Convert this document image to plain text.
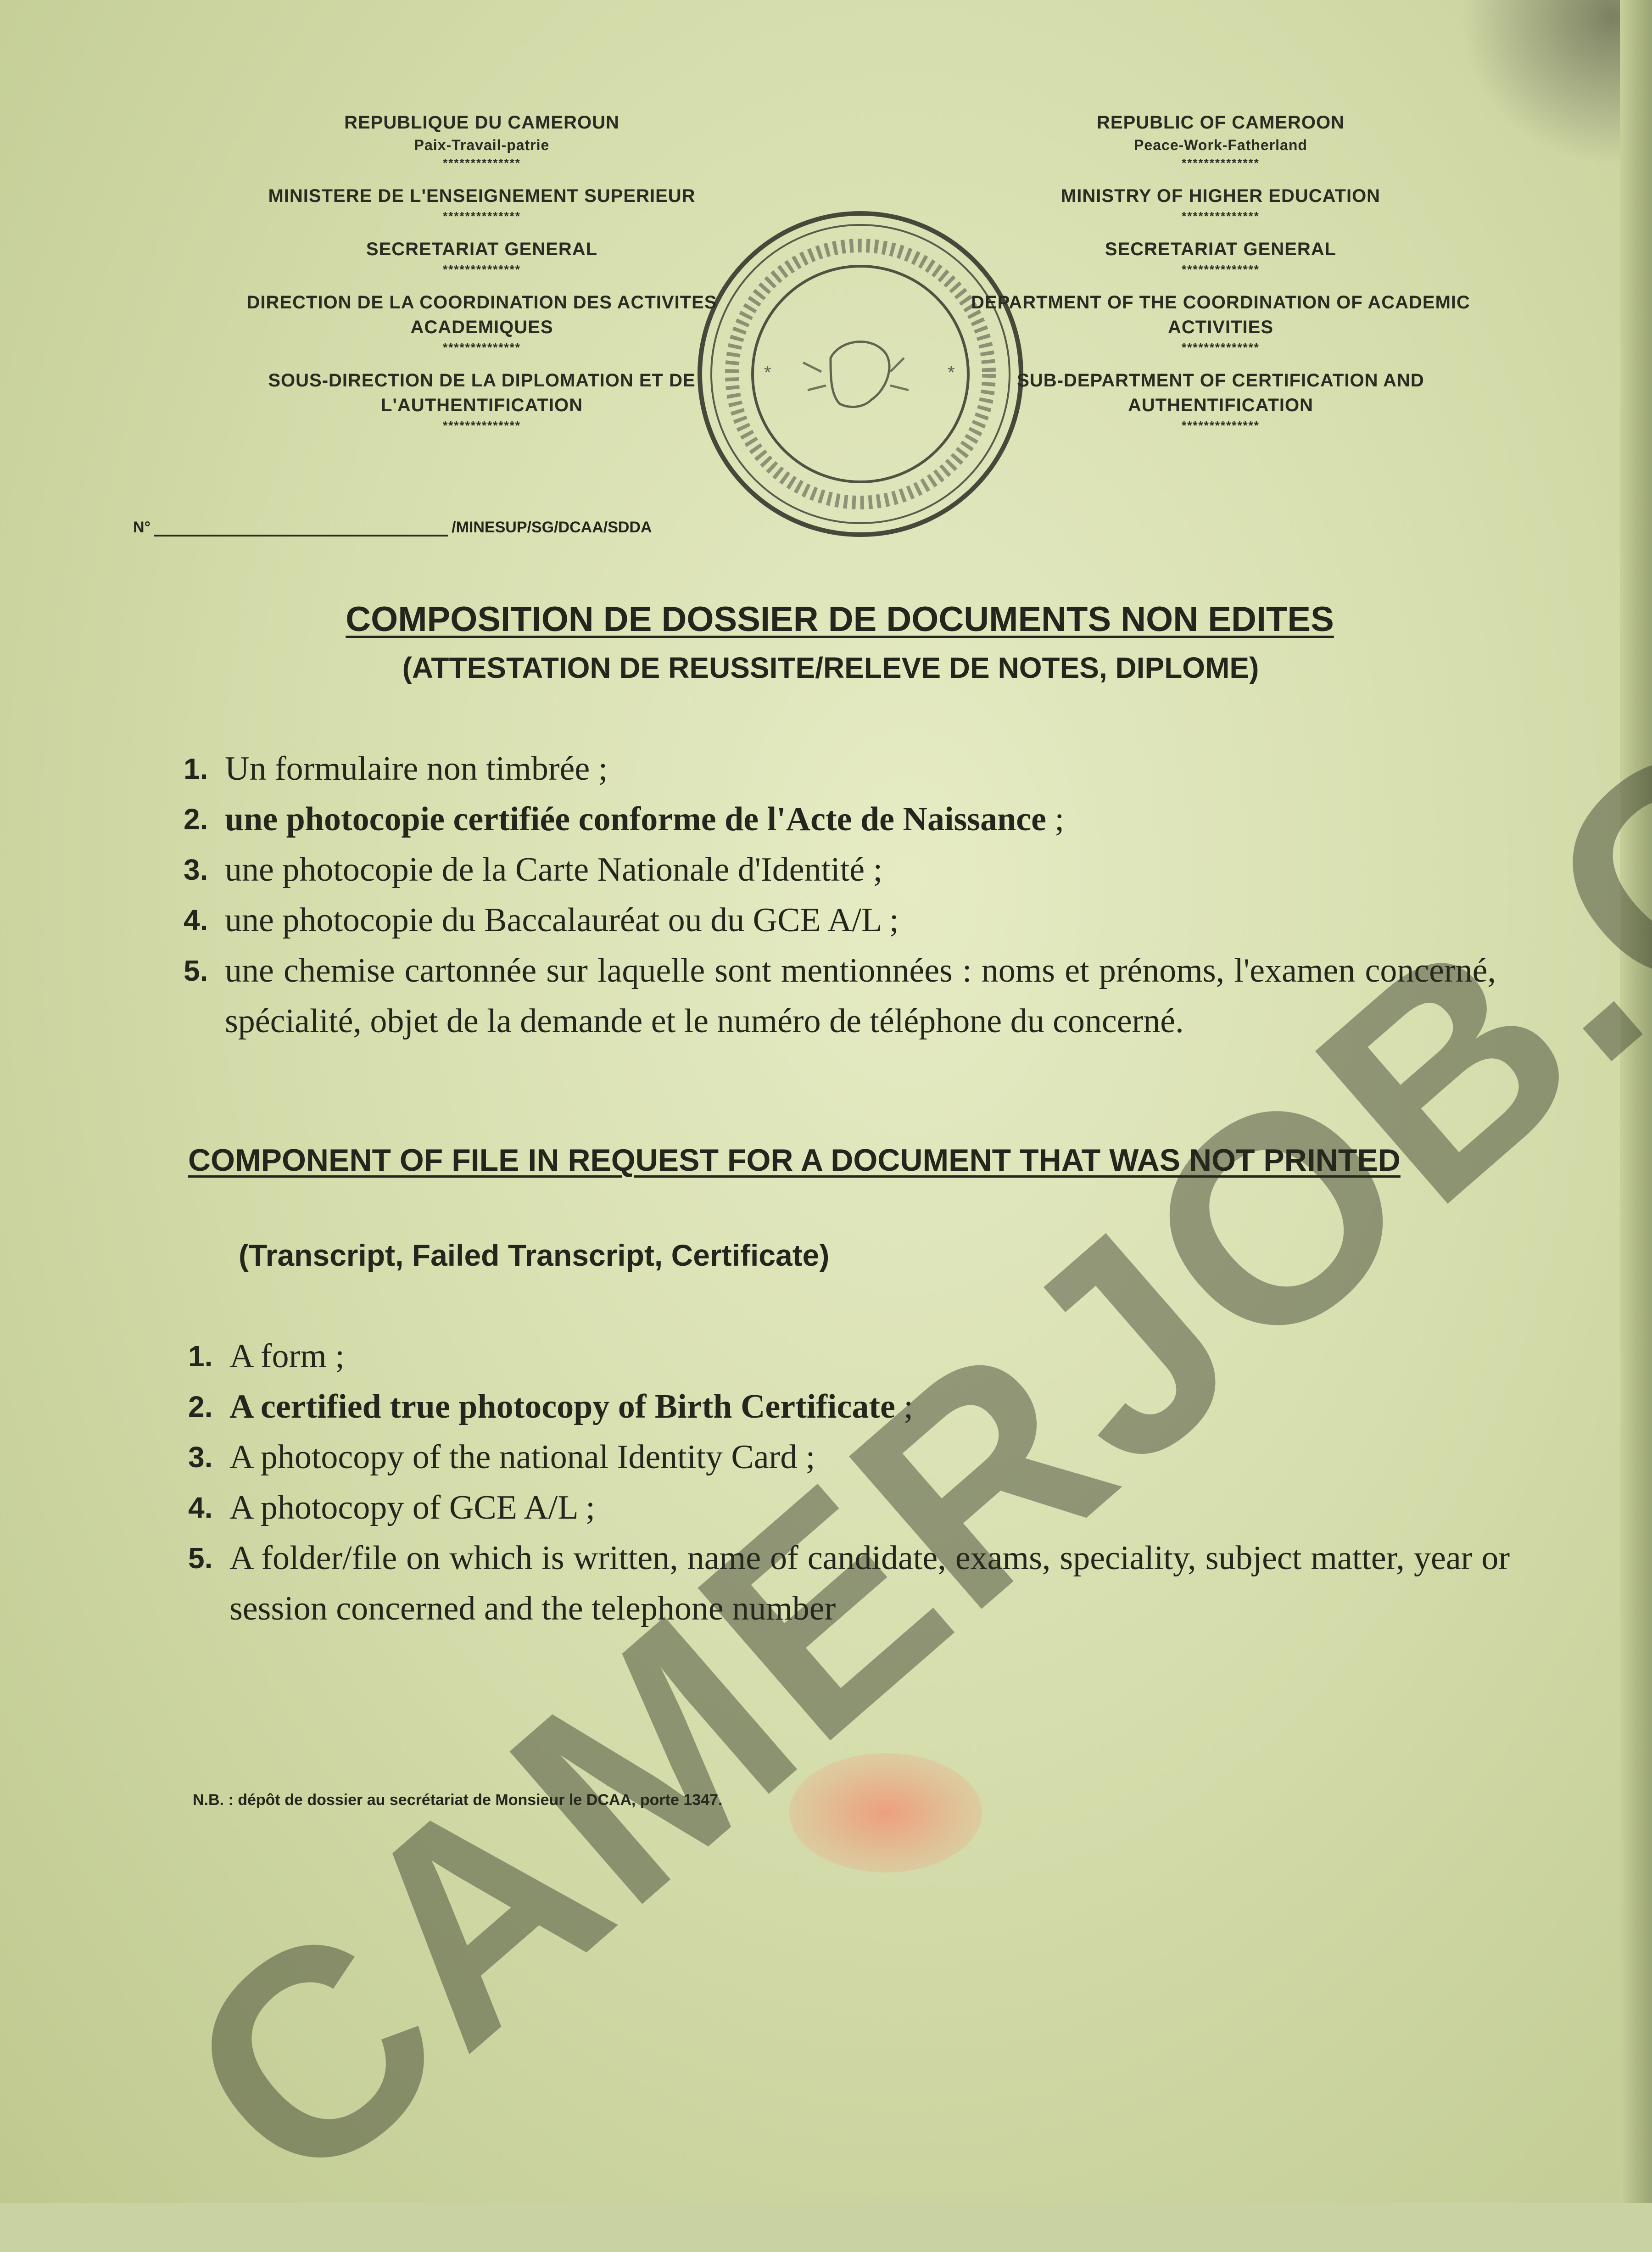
REPUBLIQUE DU CAMEROUN
Paix-Travail-patrie
**************
MINISTERE DE L'ENSEIGNEMENT SUPERIEUR
**************
SECRETARIAT GENERAL
**************
DIRECTION DE LA COORDINATION DES ACTIVITES
ACADEMIQUES
**************
SOUS-DIRECTION DE LA DIPLOMATION ET DE
L'AUTHENTIFICATION
**************
REPUBLIC OF CAMEROON
Peace-Work-Fatherland
**************
MINISTRY OF HIGHER EDUCATION
**************
SECRETARIAT GENERAL
**************
DEPARTMENT OF THE COORDINATION OF ACADEMIC
ACTIVITIES
**************
SUB-DEPARTMENT OF CERTIFICATION AND
AUTHENTIFICATION
**************
*	*
N°	/MINESUP/SG/DCAA/SDDA
COMPOSITION DE DOSSIER DE DOCUMENTS NON EDITES
(ATTESTATION DE REUSSITE/RELEVE DE NOTES, DIPLOME)
1. Un formulaire non timbrée ;
2. une photocopie certifiée conforme de l'Acte de Naissance ;
3. une photocopie de la Carte Nationale d'Identité ;
4. une photocopie du Baccalauréat ou du GCE A/L ;
5. une chemise cartonnée sur laquelle sont mentionnées : noms et prénoms, l'examen concerné, spécialité, objet de la demande et le numéro de téléphone du concerné.
COMPONENT OF FILE IN REQUEST FOR A DOCUMENT THAT WAS NOT PRINTED
(Transcript, Failed Transcript, Certificate)
1. A form ;
2. A certified true photocopy of Birth Certificate ;
3. A photocopy of the national Identity Card ;
4. A photocopy of GCE A/L ;
5. A folder/file on which is written, name of candidate, exams, speciality, subject matter, year or session concerned and the telephone number
N.B. : dépôt de dossier au secrétariat de Monsieur le DCAA, porte 1347.
